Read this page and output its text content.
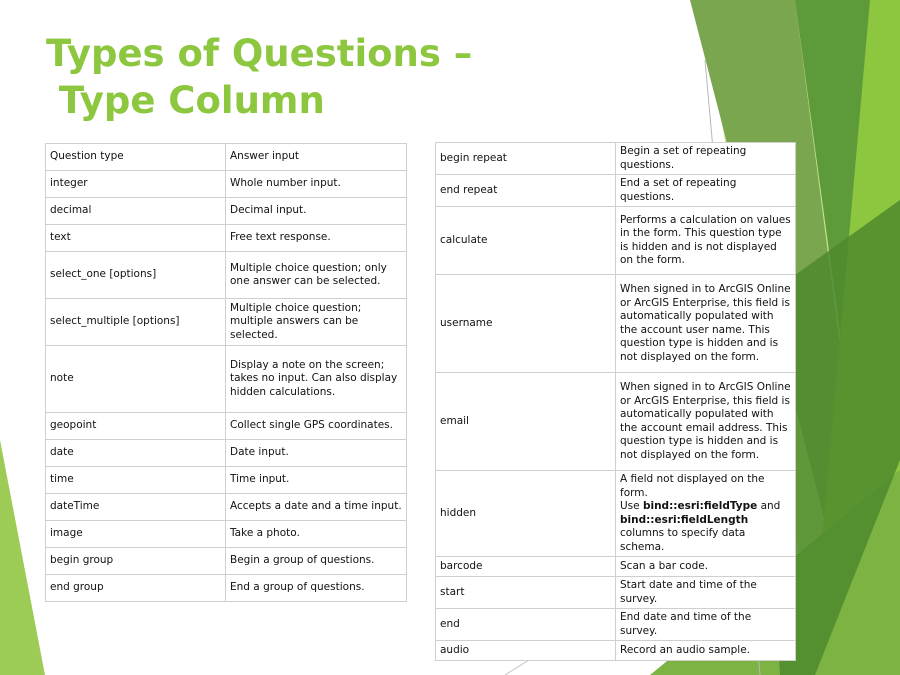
Types of Questions –
Type Column
Question type	Answer input
integer	Whole number input.
decimal	Decimal input.
text	Free text response.
select_one [options]	Multiple choice question; only one answer can be selected.
select_multiple [options]	Multiple choice question; multiple answers can be selected.
note	Display a note on the screen; takes no input. Can also display hidden calculations.
geopoint	Collect single GPS coordinates.
date	Date input.
time	Time input.
dateTime	Accepts a date and a time input.
image	Take a photo.
begin group	Begin a group of questions.
end group	End a group of questions.
begin repeat	Begin a set of repeating questions.
end repeat	End a set of repeating questions.
calculate	Performs a calculation on values in the form. This question type is hidden and is not displayed on the form.
username	When signed in to ArcGIS Online or ArcGIS Enterprise, this field is automatically populated with the account user name. This question type is hidden and is not displayed on the form.
email	When signed in to ArcGIS Online or ArcGIS Enterprise, this field is automatically populated with the account email address. This question type is hidden and is not displayed on the form.
hidden	A field not displayed on the form.
Use bind::esri:fieldType and bind::esri:fieldLengthcolumns to specify data schema.
barcode	Scan a bar code.
start	Start date and time of the survey.
end	End date and time of the survey.
audio	Record an audio sample.
